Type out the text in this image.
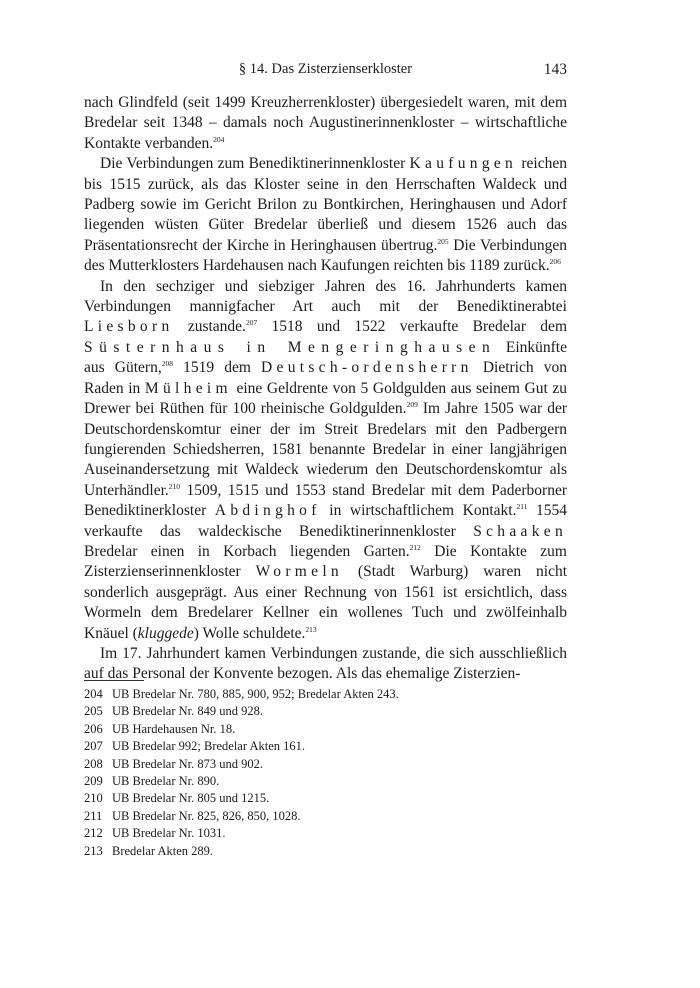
§ 14. Das Zisterzienserkloster	143

nach Glindfeld (seit 1499 Kreuzherrenkloster) übergesiedelt waren, mit dem Bredelar seit 1348 – damals noch Augustinerinnenkloster – wirtschaftliche Kontakte verbanden.$^{204}$

Die Verbindungen zum Benediktinerinnenkloster Kaufungen reichen bis 1515 zurück, als das Kloster seine in den Herrschaften Waldeck und Padberg sowie im Gericht Brilon zu Bontkirchen, Heringhausen und Adorf liegenden wüsten Güter Bredelar überließ und diesem 1526 auch das Präsentationsrecht der Kirche in Heringhausen übertrug.$^{205}$ Die Verbindungen des Mutterklosters Hardehausen nach Kaufungen reichten bis 1189 zurück.$^{206}$

In den sechziger und siebziger Jahren des 16. Jahrhunderts kamen Verbindungen mannigfacher Art auch mit der Benediktinerabtei Liesborn zustande.$^{207}$ 1518 und 1522 verkaufte Bredelar dem Süsternhaus in Mengeringhausen Einkünfte aus Gütern,$^{208}$ 1519 dem Deutsch-ordensherrn Dietrich von Raden in Mülheim eine Geldrente von 5 Goldgulden aus seinem Gut zu Drewer bei Rüthen für 100 rheinische Goldgulden.$^{209}$ Im Jahre 1505 war der Deutschordenskomtur einer der im Streit Bredelars mit den Padbergern fungierenden Schiedsherren, 1581 benannte Bredelar in einer langjährigen Auseinandersetzung mit Waldeck wiederum den Deutschordenskomtur als Unterhändler.$^{210}$ 1509, 1515 und 1553 stand Bredelar mit dem Paderborner Benediktinerkloster Abdinghof in wirtschaftlichem Kontakt.$^{211}$ 1554 verkaufte das waldeckische Benediktinerinnenkloster Schaaken Bredelar einen in Korbach liegenden Garten.$^{212}$ Die Kontakte zum Zisterzienserinnenkloster Wormeln (Stadt Warburg) waren nicht sonderlich ausgeprägt. Aus einer Rechnung von 1561 ist ersichtlich, dass Wormeln dem Bredelarer Kellner ein wollenes Tuch und zwölfeinhalb Knäuel (kluggede) Wolle schuldete.$^{213}$

Im 17. Jahrhundert kamen Verbindungen zustande, die sich ausschließlich auf das Personal der Konvente bezogen. Als das ehemalige Zisterzien-

204 UB Bredelar Nr. 780, 885, 900, 952; Bredelar Akten 243.
205 UB Bredelar Nr. 849 und 928.
206 UB Hardehausen Nr. 18.
207 UB Bredelar 992; Bredelar Akten 161.
208 UB Bredelar Nr. 873 und 902.
209 UB Bredelar Nr. 890.
210 UB Bredelar Nr. 805 und 1215.
211 UB Bredelar Nr. 825, 826, 850, 1028.
212 UB Bredelar Nr. 1031.
213 Bredelar Akten 289.
